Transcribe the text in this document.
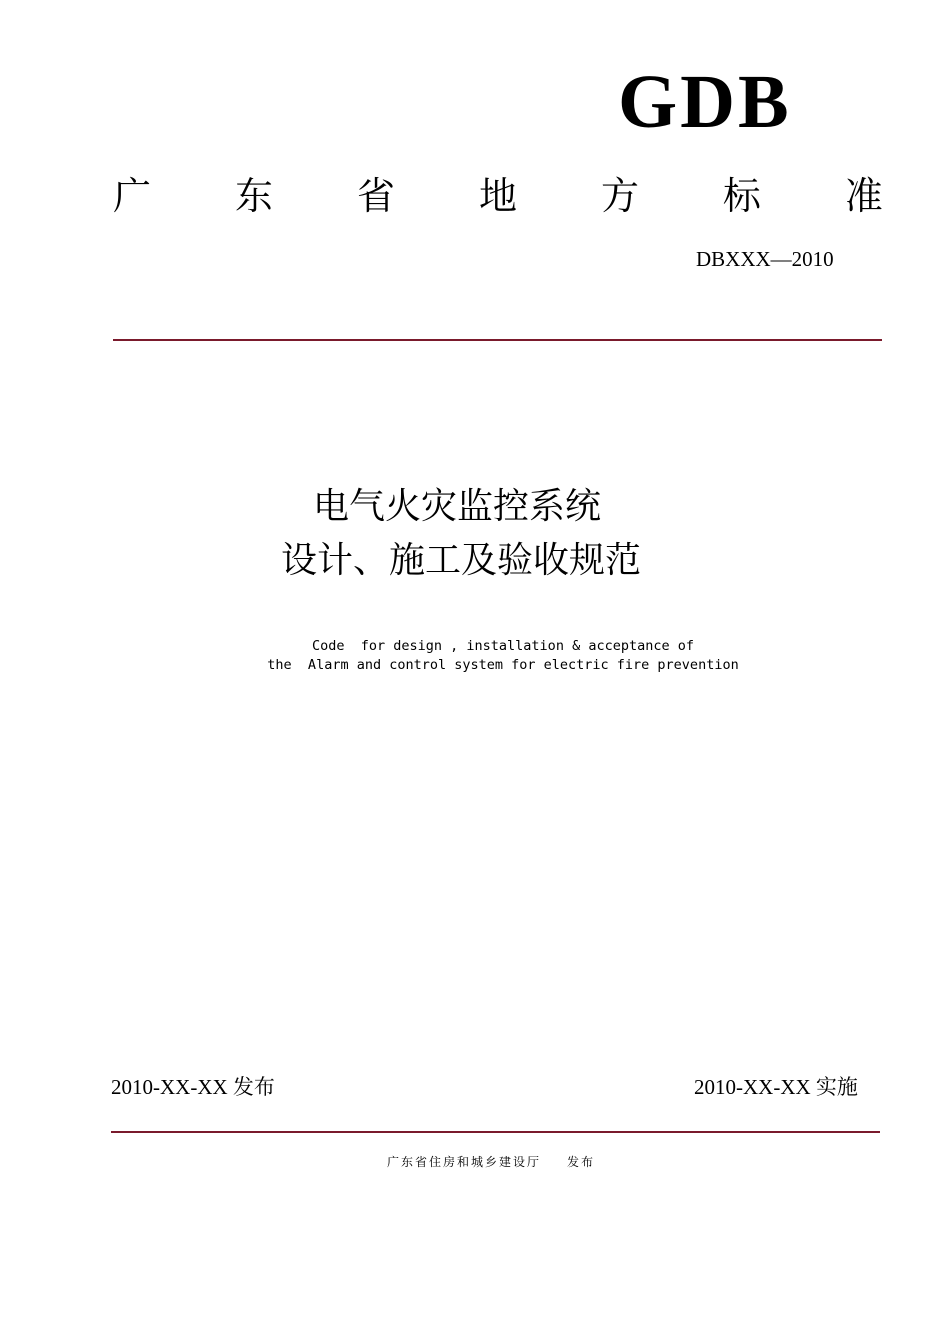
GDB
广 东 省 地 方 标 准
DBXXX—2010
电气火灾监控系统
设计、施工及验收规范
Code  for design , installation & acceptance of
the  Alarm and control system for electric fire prevention
2010-XX-XX 发布	2010-XX-XX 实施
广东省住房和城乡建设厅 发布
